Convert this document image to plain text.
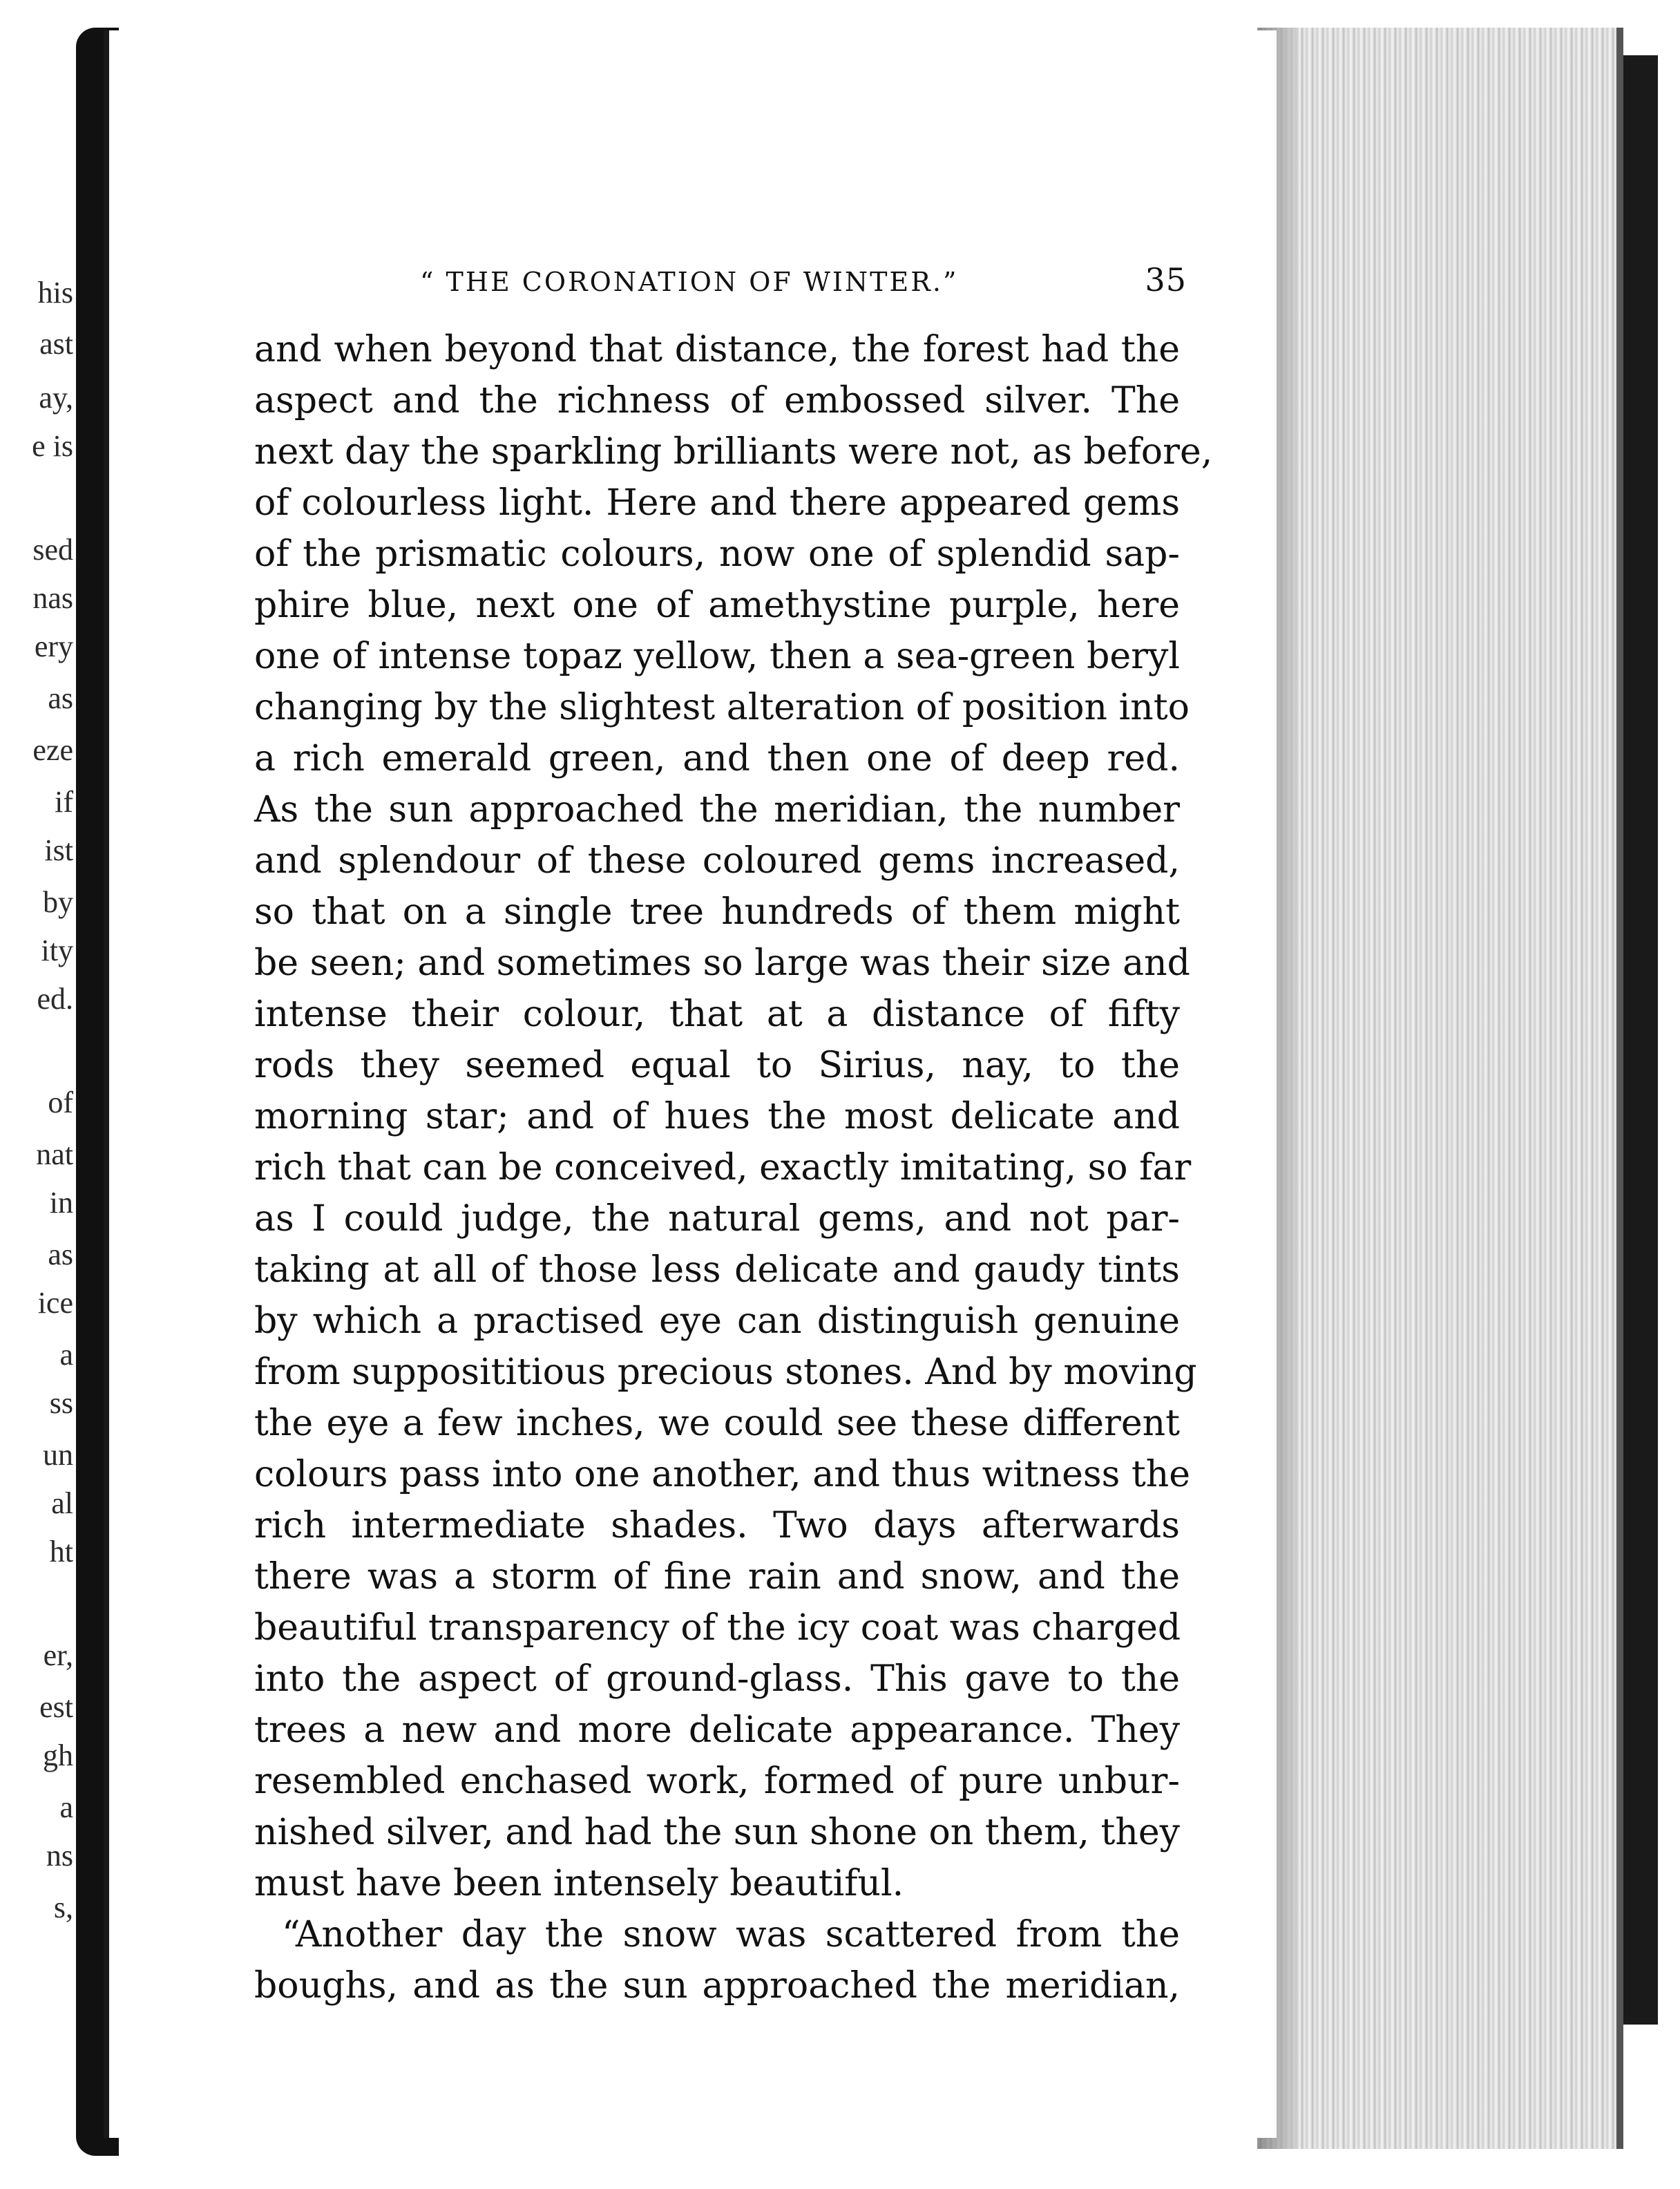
his
ast
ay,
e is
sed
nas
ery
as
eze
if
ist
by
ity
ed.
of
nat
in
as
ice
a
ss
un
al
ht
er,
est
gh
a
ns
s,
“ THE CORONATION OF WINTER.”	35
and when beyond that distance, the forest had the
aspect and the richness of embossed silver. The
next day the sparkling brilliants were not, as before,
of colourless light. Here and there appeared gems
of the prismatic colours, now one of splendid sap-
phire blue, next one of amethystine purple, here
one of intense topaz yellow, then a sea-green beryl
changing by the slightest alteration of position into
a rich emerald green, and then one of deep red.
As the sun approached the meridian, the number
and splendour of these coloured gems increased,
so that on a single tree hundreds of them might
be seen; and sometimes so large was their size and
intense their colour, that at a distance of fifty
rods they seemed equal to Sirius, nay, to the
morning star; and of hues the most delicate and
rich that can be conceived, exactly imitating, so far
as I could judge, the natural gems, and not par-
taking at all of those less delicate and gaudy tints
by which a practised eye can distinguish genuine
from supposititious precious stones. And by moving
the eye a few inches, we could see these different
colours pass into one another, and thus witness the
rich intermediate shades. Two days afterwards
there was a storm of fine rain and snow, and the
beautiful transparency of the icy coat was charged
into the aspect of ground-glass. This gave to the
trees a new and more delicate appearance. They
resembled enchased work, formed of pure unbur-
nished silver, and had the sun shone on them, they
must have been intensely beautiful.
“Another day the snow was scattered from the
boughs, and as the sun approached the meridian,
